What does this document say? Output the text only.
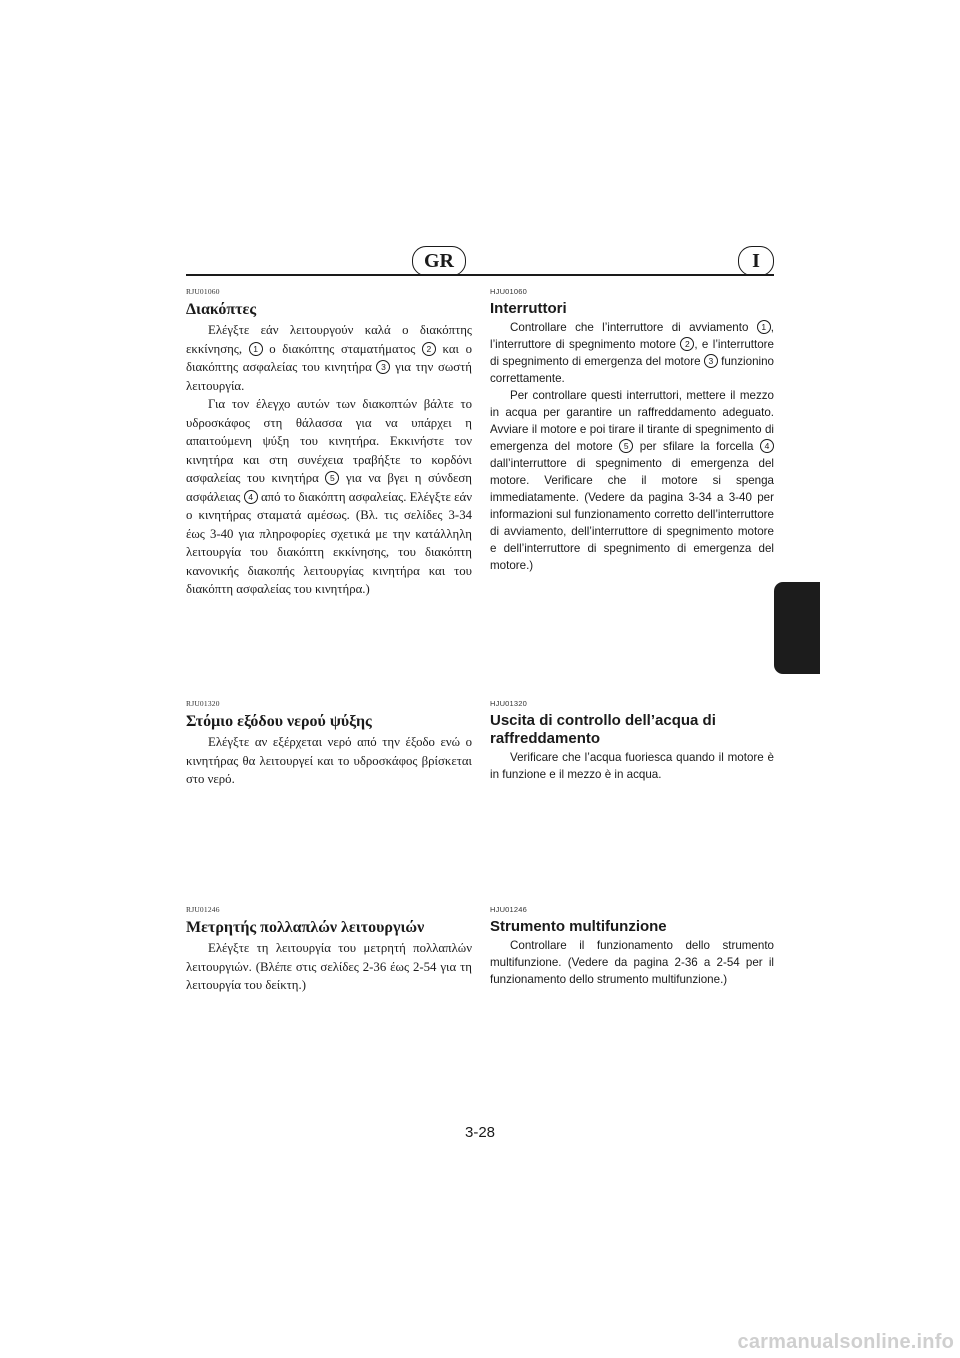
GR	I
RJU01060
Διακόπτες

Ελέγξτε εάν λειτουργούν καλά ο διακόπτης εκκίνησης, 1 ο διακόπτης σταματήματος 2 και ο διακόπτης ασφαλείας του κινητήρα 3 για την σωστή λειτουργία.

Για τον έλεγχο αυτών των διακοπτών βάλτε το υδροσκάφος στη θάλασσα για να υπάρχει η απαιτούμενη ψύξη του κινητήρα. Εκκινήστε τον κινητήρα και στη συνέχεια τραβήξτε το κορδόνι ασφαλείας του κινητήρα 5 για να βγει η σύνδεση ασφάλειας 4 από το διακόπτη ασφαλείας. Ελέγξτε εάν ο κινητήρας σταματά αμέσως. (Βλ. τις σελίδες 3-34 έως 3-40 για πληροφορίες σχετικά με την κατάλληλη λειτουργία του διακόπτη εκκίνησης, του διακόπτη κανονικής διακοπής λειτουργίας κινητήρα και του διακόπτη ασφαλείας του κινητήρα.)

RJU01320
Στόμιο εξόδου νερού ψύξης

Ελέγξτε αν εξέρχεται νερό από την έξοδο ενώ ο κινητήρας θα λειτουργεί και το υδροσκάφος βρίσκεται στο νερό.

RJU01246
Μετρητής πολλαπλών λειτουργιών

Ελέγξτε τη λειτουργία του μετρητή πολλαπλών λειτουργιών. (Βλέπε στις σελίδες 2-36 έως 2-54 για τη λειτουργία του δείκτη.)

HJU01060
Interruttori

Controllare che l’interruttore di avviamento 1 , l’interruttore di spegnimento motore 2 , e l’interruttore di spegnimento di emergenza del motore 3 funzionino correttamente.

Per controllare questi interruttori, mettere il mezzo in acqua per garantire un raffreddamento adeguato. Avviare il motore e poi tirare il tirante di spegnimento di emergenza del motore 5 per sfilare la forcella 4 dall’interruttore di spegnimento di emergenza del motore. Verificare che il motore si spenga immediatamente. (Vedere da pagina 3-34 a 3-40 per informazioni sul funzionamento corretto dell’interruttore di avviamento, dell’interruttore di spegnimento motore e dell’interruttore di spegnimento di emergenza del motore.)

HJU01320
Uscita di controllo dell’acqua di raffreddamento

Verificare che l’acqua fuoriesca quando il motore è in funzione e il mezzo è in acqua.

HJU01246
Strumento multifunzione

Controllare il funzionamento dello strumento multifunzione. (Vedere da pagina 2-36 a 2-54 per il funzionamento dello strumento multifunzione.)

3-28
carmanualsonline.info
